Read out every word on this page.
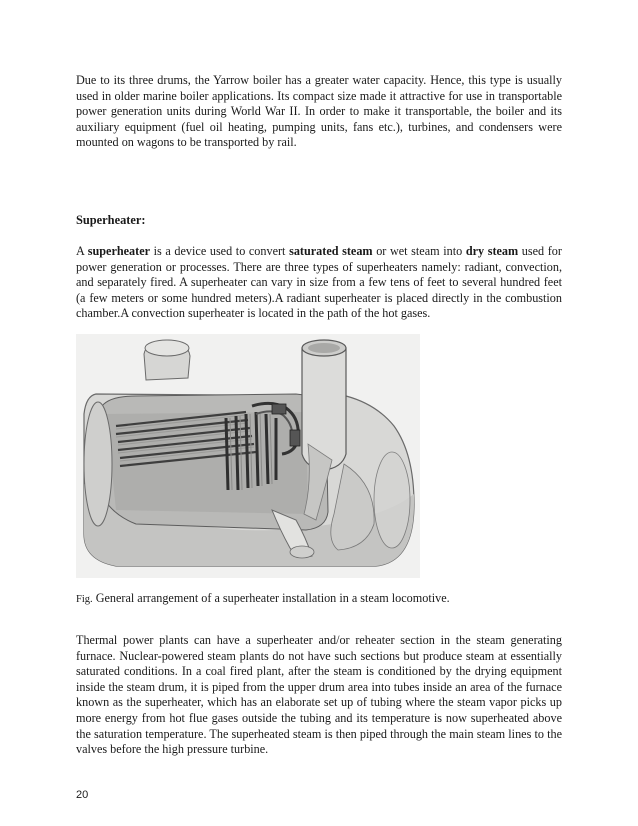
Due to its three drums, the Yarrow boiler has a greater water capacity. Hence, this type is usually used in older marine boiler applications. Its compact size made it attractive for use in transportable power generation units during World War II. In order to make it transportable, the boiler and its auxiliary equipment (fuel oil heating, pumping units, fans etc.), turbines, and condensers were mounted on wagons to be transported by rail.

Superheater:

A superheater is a device used to convert saturated steam or wet steam into dry steam used for power generation or processes. There are three types of superheaters namely: radiant, convection, and separately fired. A superheater can vary in size from a few tens of feet to several hundred feet (a few meters or some hundred meters).A radiant superheater is placed directly in the combustion chamber.A convection superheater is located in the path of the hot gases.

Fig. General arrangement of a superheater installation in a steam locomotive.

Thermal power plants can have a superheater and/or reheater section in the steam generating furnace. Nuclear-powered steam plants do not have such sections but produce steam at essentially saturated conditions. In a coal fired plant, after the steam is conditioned by the drying equipment inside the steam drum, it is piped from the upper drum area into tubes inside an area of the furnace known as the superheater, which has an elaborate set up of tubing where the steam vapor picks up more energy from hot flue gases outside the tubing and its temperature is now superheated above the saturation temperature. The superheated steam is then piped through the main steam lines to the valves before the high pressure turbine.

20
